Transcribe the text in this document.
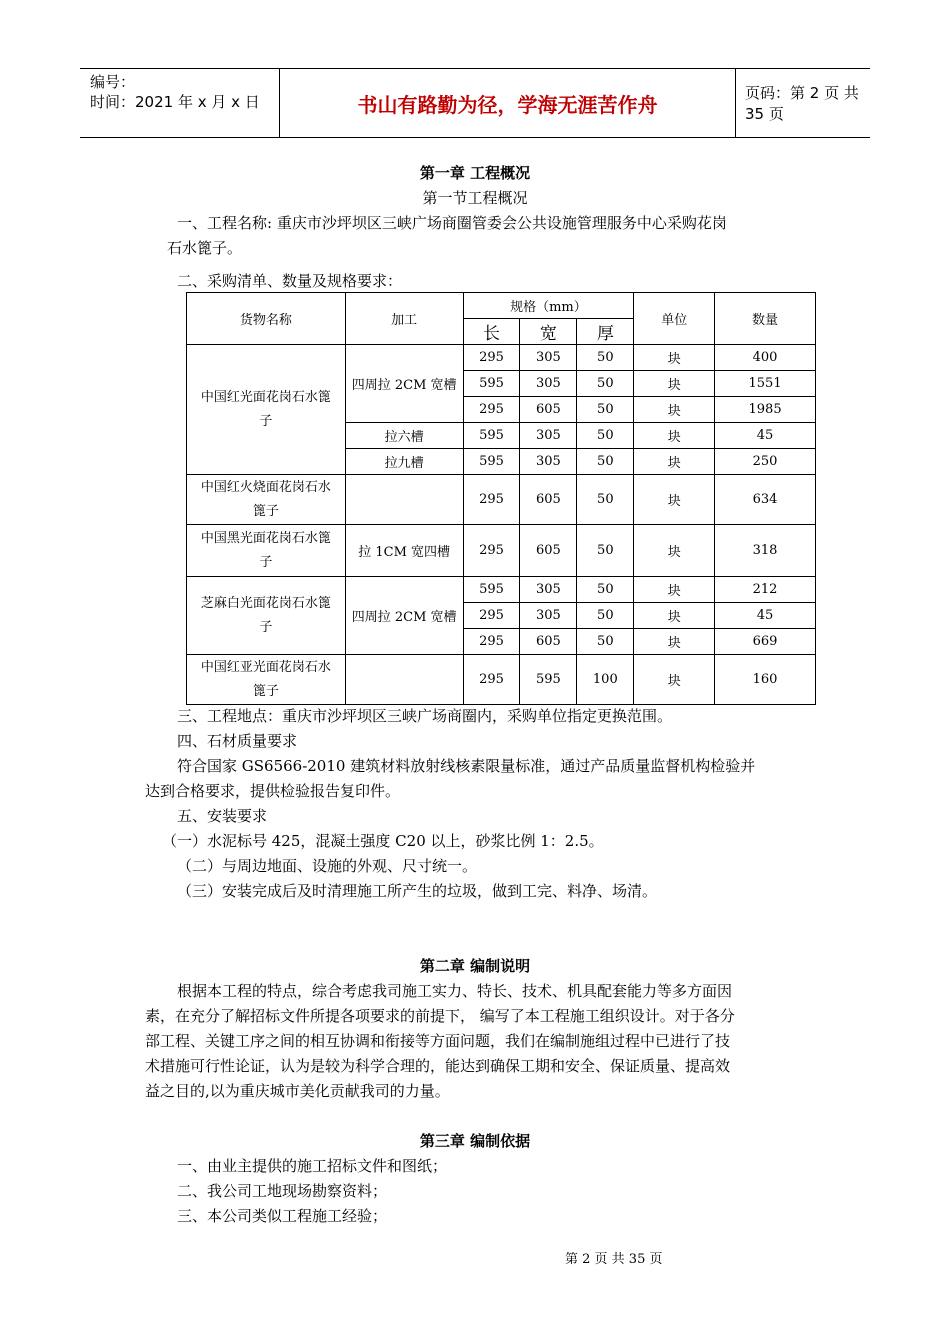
编号：
时间：2021 年 x 月 x 日	书山有路勤为径，学海无涯苦作舟	页码：第 2 页 共 35 页
第一章 工程概况
第一节工程概况
一、工程名称: 重庆市沙坪坝区三峡广场商圈管委会公共设施管理服务中心采购花岗
石水篦子。
二、采购清单、数量及规格要求：
货物名称	加工	规格（mm）			单位	数量
		长	宽	厚		
中国红光面花岗石水篦子	四周拉 2CM 宽槽	295	305	50	块	400
		595	305	50	块	1551
		295	605	50	块	1985
	拉六槽	595	305	50	块	45
	拉九槽	595	305	50	块	250
中国红火烧面花岗石水篦子		295	605	50	块	634
中国黑光面花岗石水篦子	拉 1CM 宽四槽	295	605	50	块	318
芝麻白光面花岗石水篦子	四周拉 2CM 宽槽	595	305	50	块	212
		295	305	50	块	45
		295	605	50	块	669
中国红亚光面花岗石水篦子		295	595	100	块	160
三、工程地点：重庆市沙坪坝区三峡广场商圈内，采购单位指定更换范围。
四、石材质量要求
符合国家 GS6566-2010 建筑材料放射线核素限量标准，通过产品质量监督机构检验并
达到合格要求，提供检验报告复印件。
五、安装要求
（一）水泥标号 425，混凝土强度 C20 以上，砂浆比例 1：2.5。
（二）与周边地面、设施的外观、尺寸统一。
（三）安装完成后及时清理施工所产生的垃圾，做到工完、料净、场清。
第二章 编制说明
根据本工程的特点，综合考虑我司施工实力、特长、技术、机具配套能力等多方面因
素，在充分了解招标文件所提各项要求的前提下， 编写了本工程施工组织设计。对于各分
部工程、关键工序之间的相互协调和衔接等方面问题，我们在编制施组过程中已进行了技
术措施可行性论证，认为是较为科学合理的，能达到确保工期和安全、保证质量、提高效
益之目的,以为重庆城市美化贡献我司的力量。
第三章 编制依据
一、由业主提供的施工招标文件和图纸；
二、我公司工地现场勘察资料；
三、本公司类似工程施工经验；
第 2 页 共 35 页
